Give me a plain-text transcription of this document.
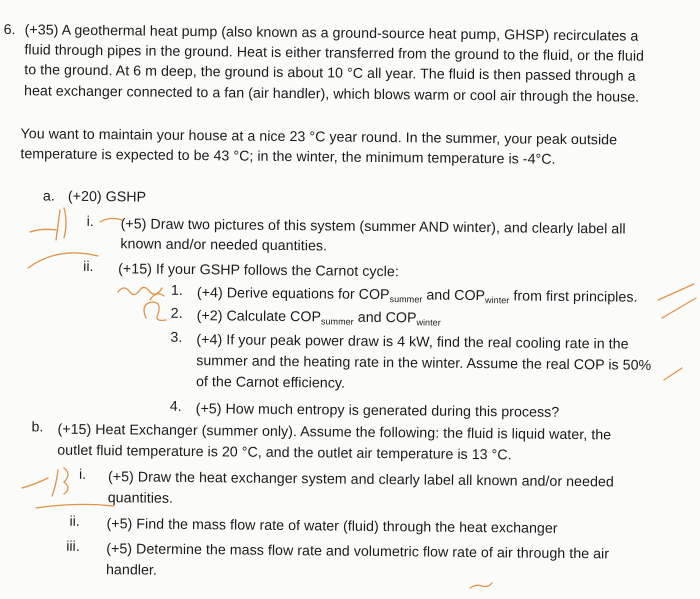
6. (+35) A geothermal heat pump (also known as a ground-source heat pump, GHSP) recirculates a
fluid through pipes in the ground. Heat is either transferred from the ground to the fluid, or the fluid
to the ground. At 6 m deep, the ground is about 10 °C all year. The fluid is then passed through a
heat exchanger connected to a fan (air handler), which blows warm or cool air through the house.
You want to maintain your house at a nice 23 °C year round. In the summer, your peak outside
temperature is expected to be 43 °C; in the winter, the minimum temperature is -4°C.
a. (+20) GSHP
i. (+5) Draw two pictures of this system (summer AND winter), and clearly label all
known and/or needed quantities.
ii. (+15) If your GSHP follows the Carnot cycle:
1. (+4) Derive equations for $COP_{summer}$ and $COP_{winter}$ from first principles.
2. (+2) Calculate $COP_{summer}$ and $COP_{winter}$
3. (+4) If your peak power draw is 4 kW, find the real cooling rate in the
summer and the heating rate in the winter. Assume the real COP is 50%
of the Carnot efficiency.
4. (+5) How much entropy is generated during this process?
b. (+15) Heat Exchanger (summer only). Assume the following: the fluid is liquid water, the
outlet fluid temperature is 20 °C, and the outlet air temperature is 13 °C.
i. (+5) Draw the heat exchanger system and clearly label all known and/or needed
quantities.
ii. (+5) Find the mass flow rate of water (fluid) through the heat exchanger
iii. (+5) Determine the mass flow rate and volumetric flow rate of air through the air
handler.
